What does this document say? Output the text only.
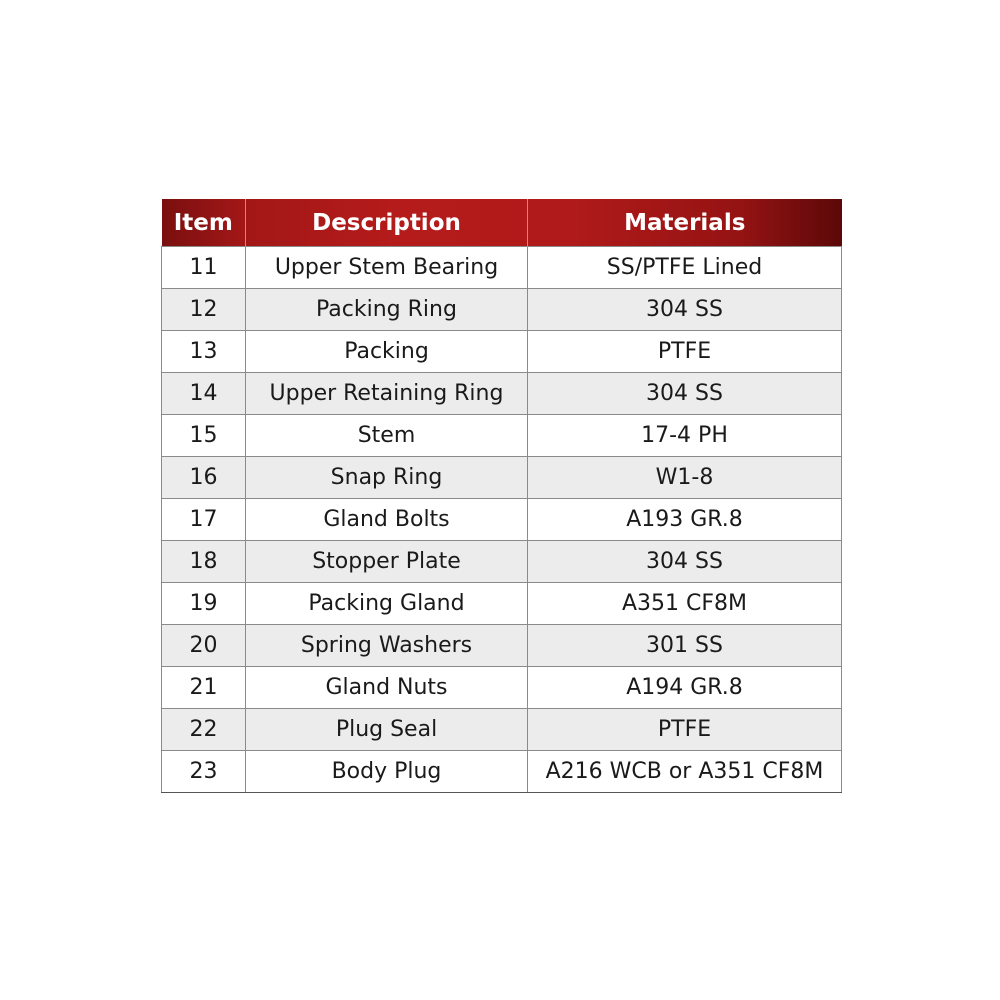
Item	Description	Materials
11	Upper Stem Bearing	SS/PTFE Lined
12	Packing Ring	304 SS
13	Packing	PTFE
14	Upper Retaining Ring	304 SS
15	Stem	17-4 PH
16	Snap Ring	W1-8
17	Gland Bolts	A193 GR.8
18	Stopper Plate	304 SS
19	Packing Gland	A351 CF8M
20	Spring Washers	301 SS
21	Gland Nuts	A194 GR.8
22	Plug Seal	PTFE
23	Body Plug	A216 WCB or A351 CF8M
